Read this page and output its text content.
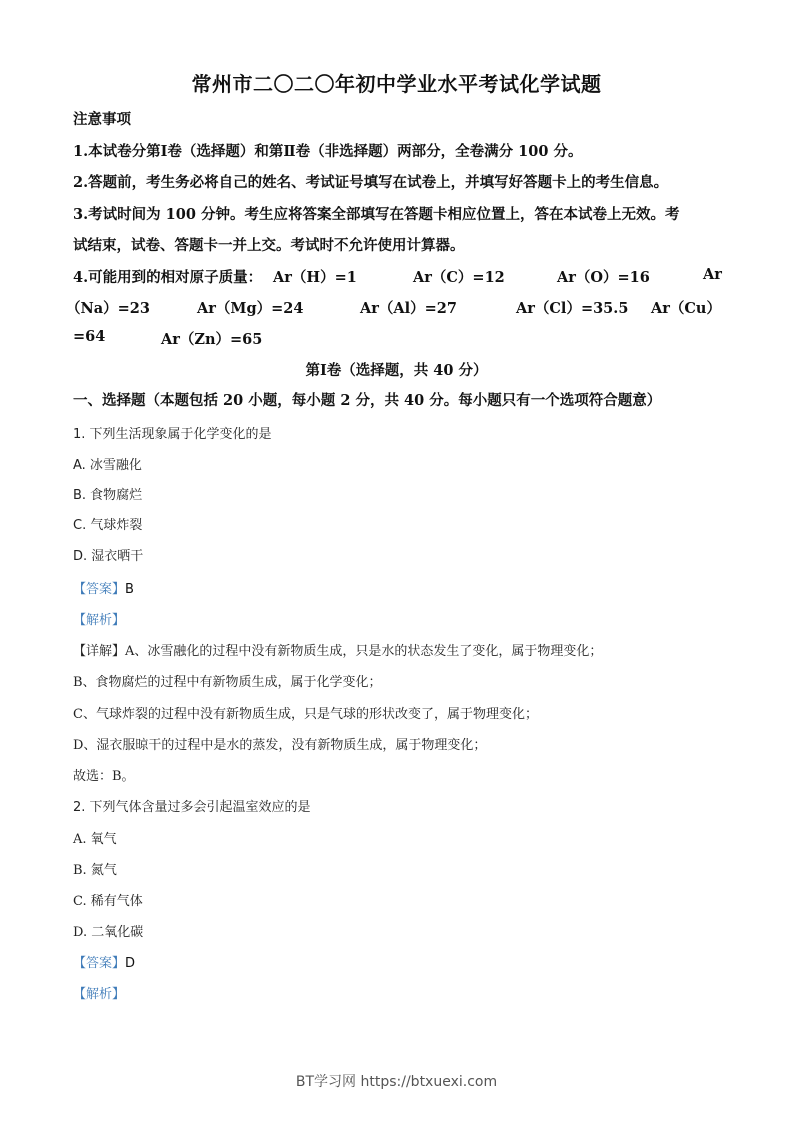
常州市二〇二〇年初中学业水平考试化学试题
注意事项
1.本试卷分第Ⅰ卷（选择题）和第Ⅱ卷（非选择题）两部分，全卷满分 100 分。
2.答题前，考生务必将自己的姓名、考试证号填写在试卷上，并填写好答题卡上的考生信息。
3.考试时间为 100 分钟。考生应将答案全部填写在答题卡相应位置上，答在本试卷上无效。考
试结束，试卷、答题卡一并上交。考试时不允许使用计算器。
4.可能用到的相对原子质量： Ar（H）=1	Ar（C）=12	Ar（O）=16	Ar
（Na）=23	Ar（Mg）=24	Ar（Al）=27	Ar（Cl）=35.5 Ar（Cu）
=64	Ar（Zn）=65
第Ⅰ卷（选择题，共 40 分）
一、选择题（本题包括 20 小题，每小题 2 分，共 40 分。每小题只有一个选项符合题意）
1. 下列生活现象属于化学变化的是
A. 冰雪融化
B. 食物腐烂
C. 气球炸裂
D. 湿衣晒干
【答案】B
【解析】
【详解】A、冰雪融化的过程中没有新物质生成，只是水的状态发生了变化，属于物理变化；
B、食物腐烂的过程中有新物质生成，属于化学变化；
C、气球炸裂的过程中没有新物质生成，只是气球的形状改变了，属于物理变化；
D、湿衣服晾干的过程中是水的蒸发，没有新物质生成，属于物理变化；
故选：B。
2. 下列气体含量过多会引起温室效应的是
A. 氧气
B. 氮气
C. 稀有气体
D. 二氧化碳
【答案】D
【解析】
BT学习网 https://btxuexi.com
